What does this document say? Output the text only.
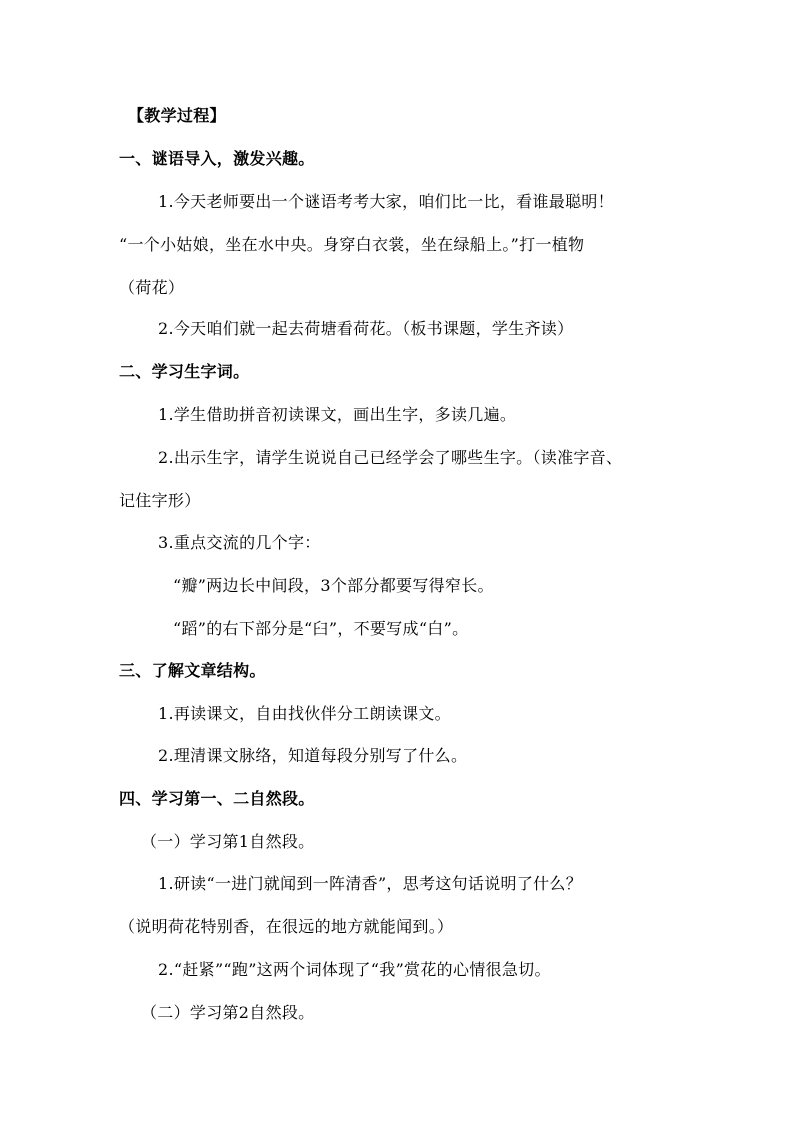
【教学过程】
一、谜语导入，激发兴趣。
1.今天老师要出一个谜语考考大家，咱们比一比，看谁最聪明！
“一个小姑娘，坐在水中央。身穿白衣裳，坐在绿船上。”打一植物
（荷花）
2.今天咱们就一起去荷塘看荷花。（板书课题，学生齐读）
二、学习生字词。
1.学生借助拼音初读课文，画出生字，多读几遍。
2.出示生字，请学生说说自己已经学会了哪些生字。（读准字音、
记住字形）
3.重点交流的几个字：
“瓣”两边长中间段，3个部分都要写得窄长。
“蹈”的右下部分是“臼”，不要写成“白”。
三、了解文章结构。
1.再读课文，自由找伙伴分工朗读课文。
2.理清课文脉络，知道每段分别写了什么。
四、学习第一、二自然段。
（一）学习第1自然段。
1.研读“一进门就闻到一阵清香”，思考这句话说明了什么？
（说明荷花特别香，在很远的地方就能闻到。）
2.“赶紧”“跑”这两个词体现了“我”赏花的心情很急切。
（二）学习第2自然段。
